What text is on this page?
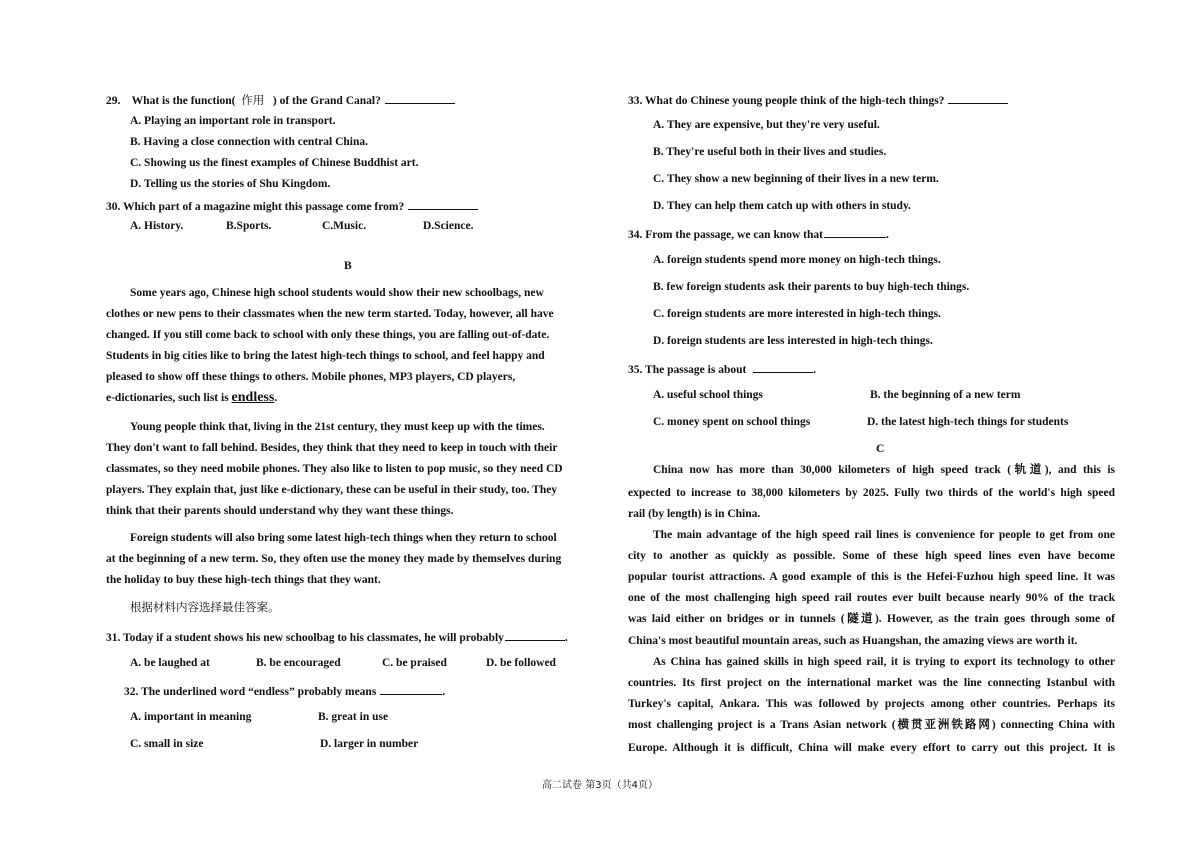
29. What is the function( 作用 ) of the Grand Canal?
A. Playing an important role in transport.
B. Having a close connection with central China.
C. Showing us the finest examples of Chinese Buddhist art.
D. Telling us the stories of Shu Kingdom.
30. Which part of a magazine might this passage come from?
A. History.	B.Sports.	C.Music.	D.Science.
B
Some years ago, Chinese high school students would show their new schoolbags, new
clothes or new pens to their classmates when the new term started. Today, however, all have
changed. If you still come back to school with only these things, you are falling out-of-date.
Students in big cities like to bring the latest high-tech things to school, and feel happy and
pleased to show off these things to others. Mobile phones, MP3 players, CD players,
e-dictionaries, such list is endless.
Young people think that, living in the 21st century, they must keep up with the times.
They don't want to fall behind. Besides, they think that they need to keep in touch with their
classmates, so they need mobile phones. They also like to listen to pop music, so they need CD
players. They explain that, just like e-dictionary, these can be useful in their study, too. They
think that their parents should understand why they want these things.
Foreign students will also bring some latest high-tech things when they return to school
at the beginning of a new term. So, they often use the money they made by themselves during
the holiday to buy these high-tech things that they want.
根据材料内容选择最佳答案。
31. Today if a student shows his new schoolbag to his classmates, he will probably	.
A. be laughed at	B. be encouraged	C. be praised	D. be followed
32. The underlined word “endless” probably means	.
A. important in meaning	B. great in use
C. small in size	D. larger in number
33. What do Chinese young people think of the high-tech things?
A. They are expensive, but they're very useful.
B. They're useful both in their lives and studies.
C. They show a new beginning of their lives in a new term.
D. They can help them catch up with others in study.
34. From the passage, we can know that	.
A. foreign students spend more money on high-tech things.
B. few foreign students ask their parents to buy high-tech things.
C. foreign students are more interested in high-tech things.
D. foreign students are less interested in high-tech things.
35. The passage is about	.
A. useful school things	B. the beginning of a new term
C. money spent on school things	D. the latest high-tech things for students
C
China now has more than 30,000 kilometers of high speed track (轨道), and this is
expected to increase to 38,000 kilometers by 2025. Fully two thirds of the world's high speed
rail (by length) is in China.
The main advantage of the high speed rail lines is convenience for people to get from one
city to another as quickly as possible. Some of these high speed lines even have become
popular tourist attractions. A good example of this is the Hefei-Fuzhou high speed line. It was
one of the most challenging high speed rail routes ever built because nearly 90% of the track
was laid either on bridges or in tunnels (隧道). However, as the train goes through some of
China's most beautiful mountain areas, such as Huangshan, the amazing views are worth it.
As China has gained skills in high speed rail, it is trying to export its technology to other
countries. Its first project on the international market was the line connecting Istanbul with
Turkey's capital, Ankara. This was followed by projects among other countries. Perhaps its
most challenging project is a Trans Asian network (横贯亚洲铁路网) connecting China with
Europe. Although it is difficult, China will make every effort to carry out this project. It is
高二试卷 第3页（共4页）
